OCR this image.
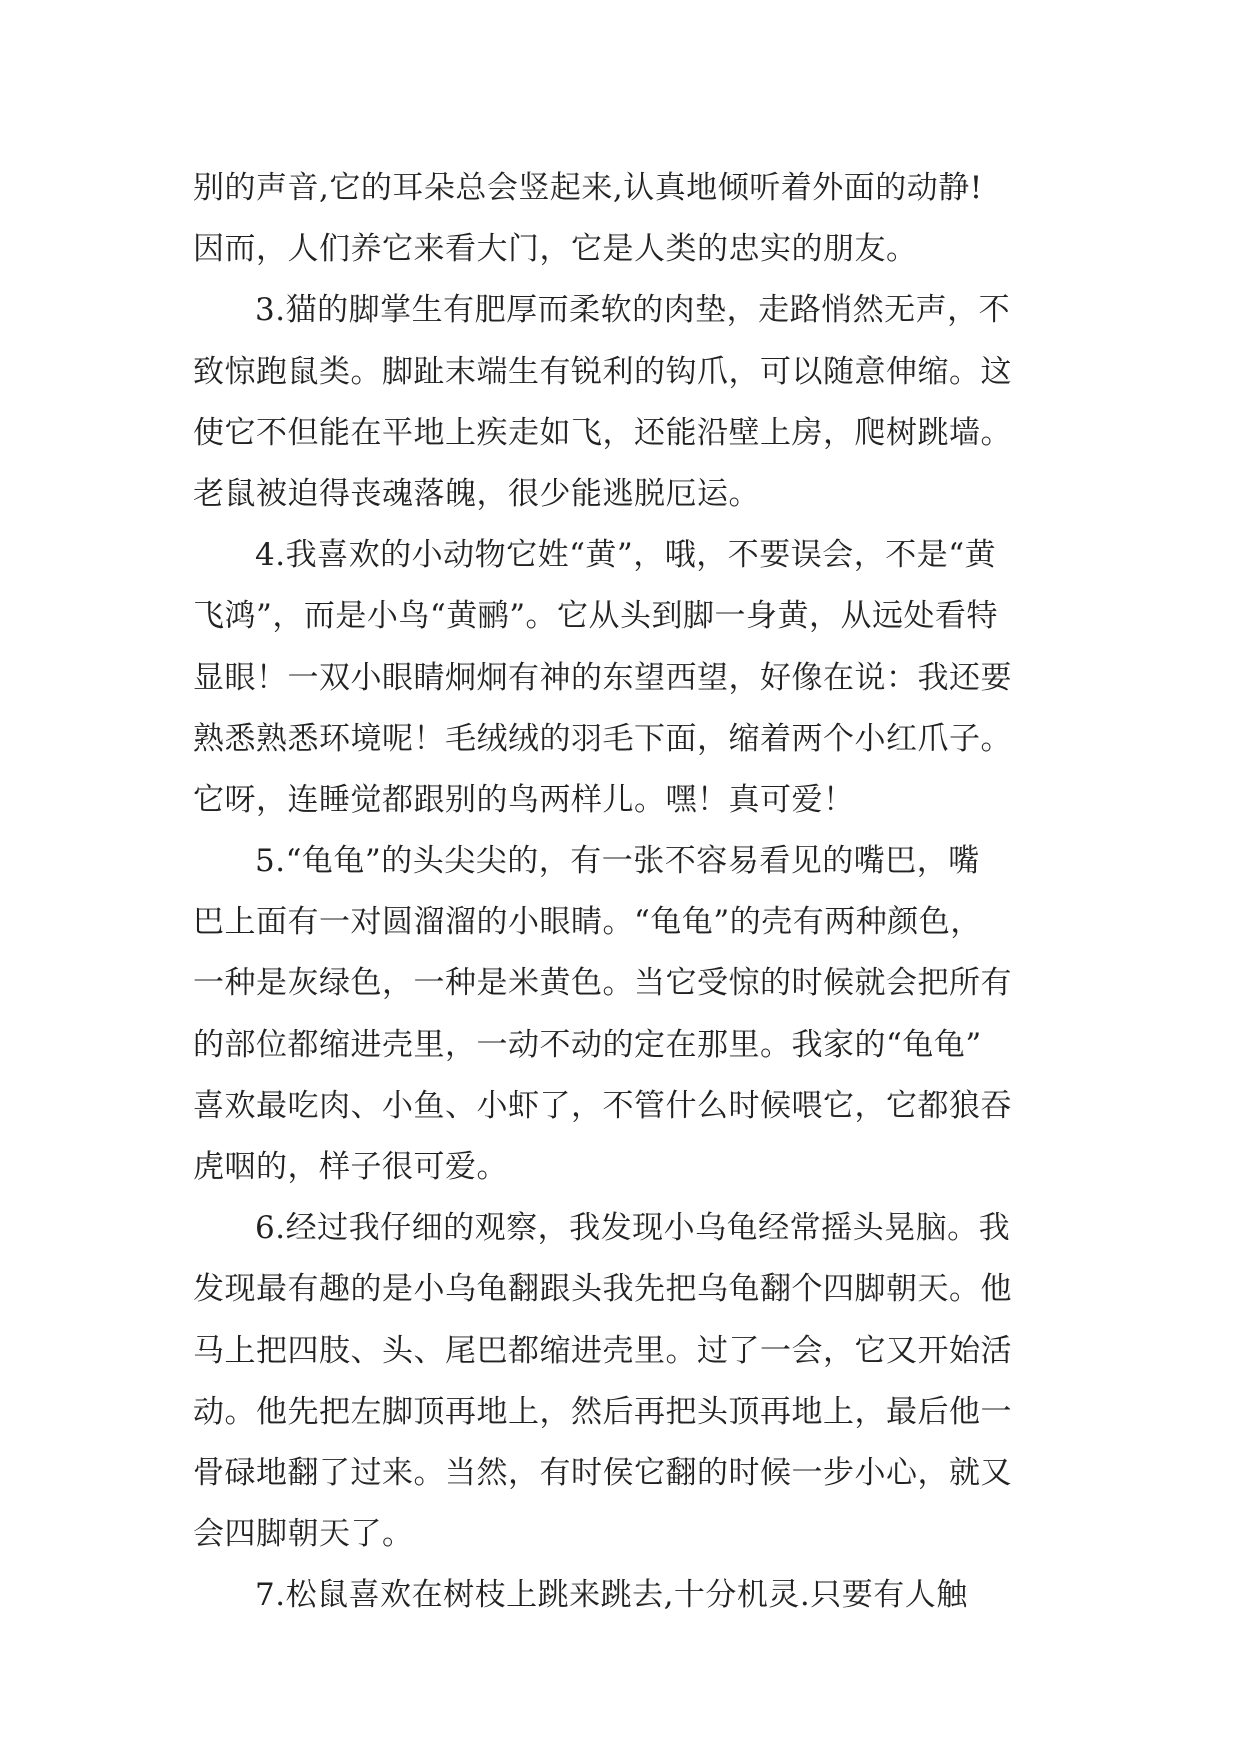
别的声音,它的耳朵总会竖起来,认真地倾听着外面的动静!
因而，人们养它来看大门，它是人类的忠实的朋友。
3.猫的脚掌生有肥厚而柔软的肉垫，走路悄然无声，不
致惊跑鼠类。脚趾末端生有锐利的钩爪，可以随意伸缩。这
使它不但能在平地上疾走如飞，还能沿壁上房，爬树跳墙。
老鼠被迫得丧魂落魄，很少能逃脱厄运。
4.我喜欢的小动物它姓“黄”，哦，不要误会，不是“黄
飞鸿”，而是小鸟“黄鹂”。它从头到脚一身黄，从远处看特
显眼！一双小眼睛炯炯有神的东望西望，好像在说：我还要
熟悉熟悉环境呢！毛绒绒的羽毛下面，缩着两个小红爪子。
它呀，连睡觉都跟别的鸟两样儿。嘿！真可爱！
5.“龟龟”的头尖尖的，有一张不容易看见的嘴巴，嘴
巴上面有一对圆溜溜的小眼睛。“龟龟”的壳有两种颜色，
一种是灰绿色，一种是米黄色。当它受惊的时候就会把所有
的部位都缩进壳里，一动不动的定在那里。我家的“龟龟”
喜欢最吃肉、小鱼、小虾了，不管什么时候喂它，它都狼吞
虎咽的，样子很可爱。
6.经过我仔细的观察，我发现小乌龟经常摇头晃脑。我
发现最有趣的是小乌龟翻跟头我先把乌龟翻个四脚朝天。他
马上把四肢、头、尾巴都缩进壳里。过了一会，它又开始活
动。他先把左脚顶再地上，然后再把头顶再地上，最后他一
骨碌地翻了过来。当然，有时侯它翻的时候一步小心，就又
会四脚朝天了。
7.松鼠喜欢在树枝上跳来跳去,十分机灵.只要有人触
